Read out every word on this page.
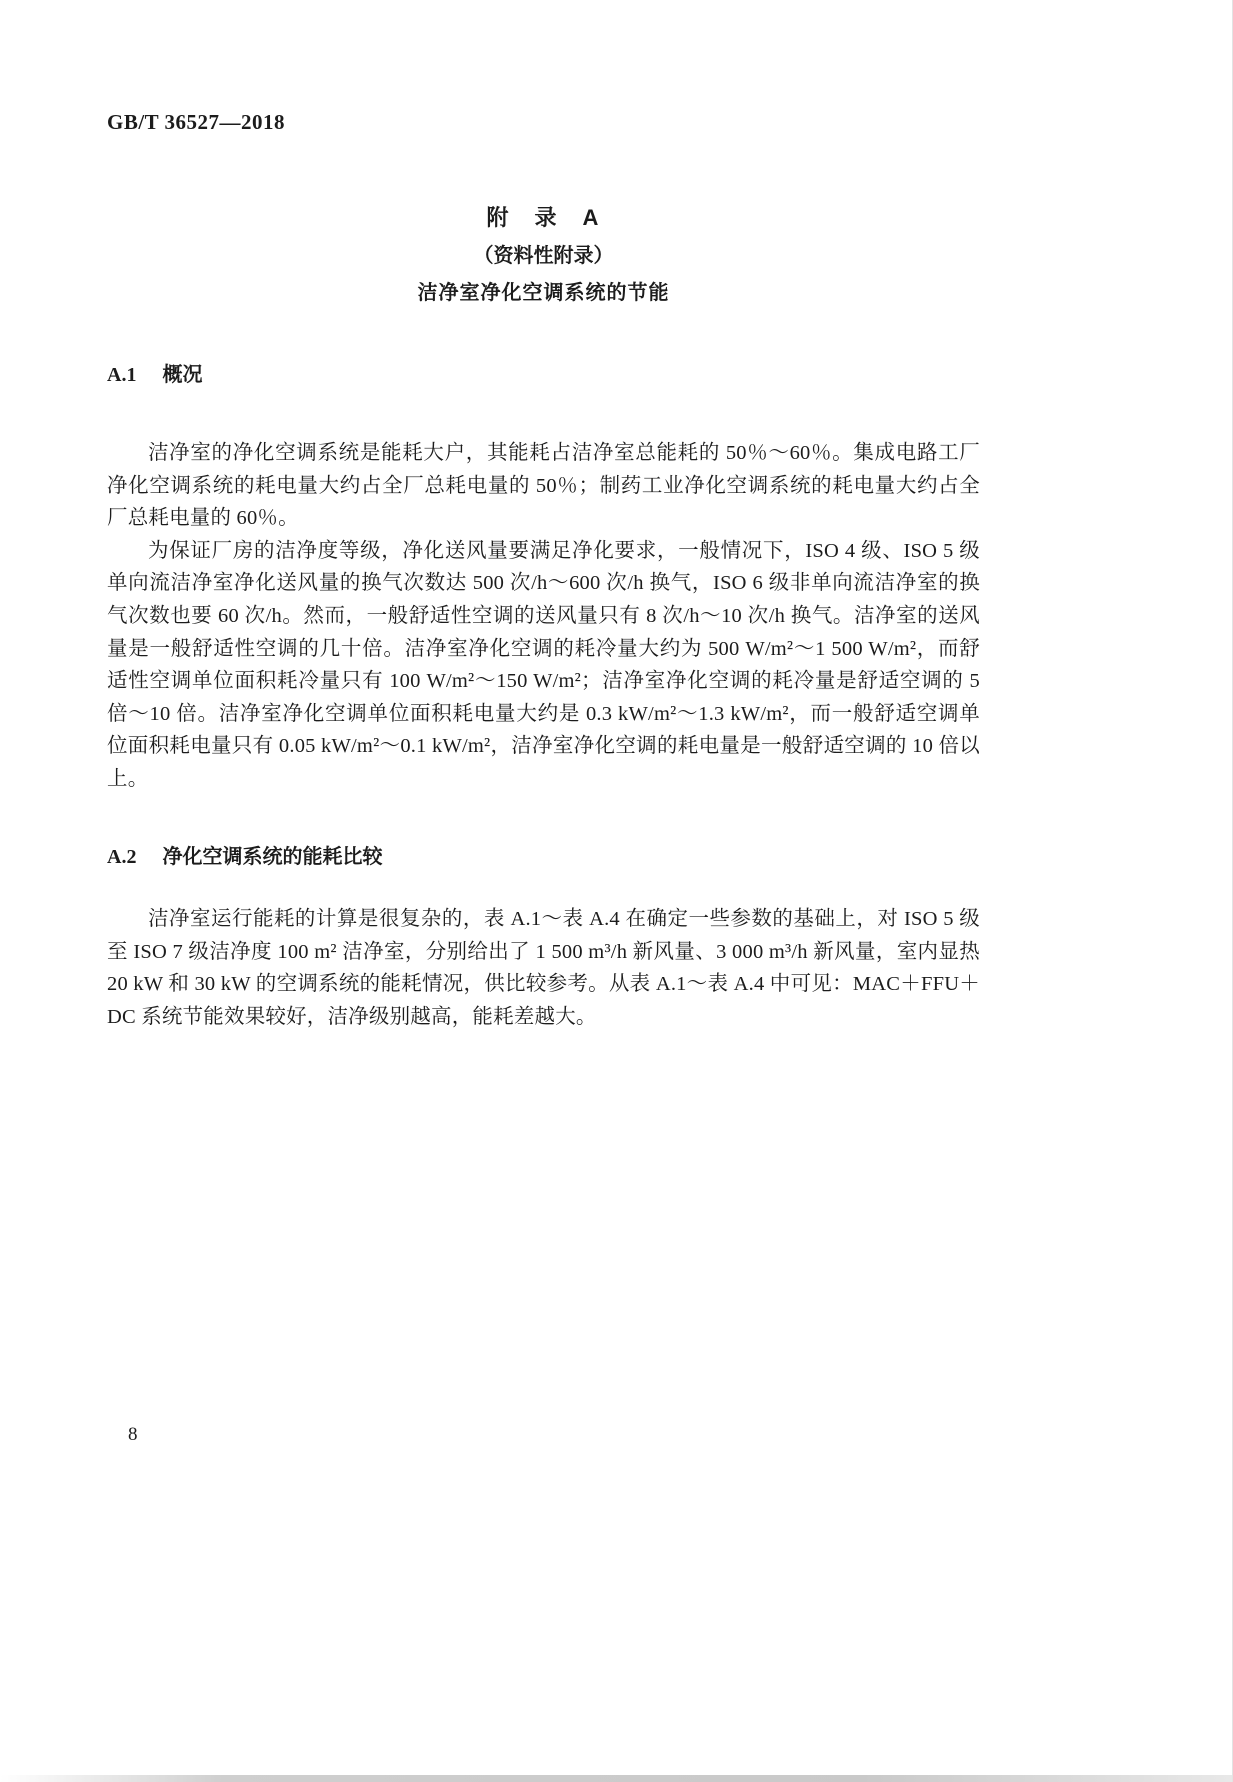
GB/T 36527—2018
附　录　A
（资料性附录）
洁净室净化空调系统的节能
A.1 概况

洁净室的净化空调系统是能耗大户，其能耗占洁净室总能耗的 50％～60％。集成电路工厂净化空调系统的耗电量大约占全厂总耗电量的 50％；制药工业净化空调系统的耗电量大约占全厂总耗电量的 60％。

为保证厂房的洁净度等级，净化送风量要满足净化要求，一般情况下，ISO 4 级、ISO 5 级单向流洁净室净化送风量的换气次数达 500 次/h～600 次/h 换气，ISO 6 级非单向流洁净室的换气次数也要 60 次/h。然而，一般舒适性空调的送风量只有 8 次/h～10 次/h 换气。洁净室的送风量是一般舒适性空调的几十倍。洁净室净化空调的耗冷量大约为 500 W/m²～1 500 W/m²，而舒适性空调单位面积耗冷量只有 100 W/m²～150 W/m²；洁净室净化空调的耗冷量是舒适空调的 5 倍～10 倍。洁净室净化空调单位面积耗电量大约是 0.3 kW/m²～1.3 kW/m²，而一般舒适空调单位面积耗电量只有 0.05 kW/m²～0.1 kW/m²，洁净室净化空调的耗电量是一般舒适空调的 10 倍以上。

A.2 净化空调系统的能耗比较

洁净室运行能耗的计算是很复杂的，表 A.1～表 A.4 在确定一些参数的基础上，对 ISO 5 级至 ISO 7 级洁净度 100 m² 洁净室，分别给出了 1 500 m³/h 新风量、3 000 m³/h 新风量，室内显热 20 kW 和 30 kW 的空调系统的能耗情况，供比较参考。从表 A.1～表 A.4 中可见：MAC＋FFU＋DC 系统节能效果较好，洁净级别越高，能耗差越大。

8
